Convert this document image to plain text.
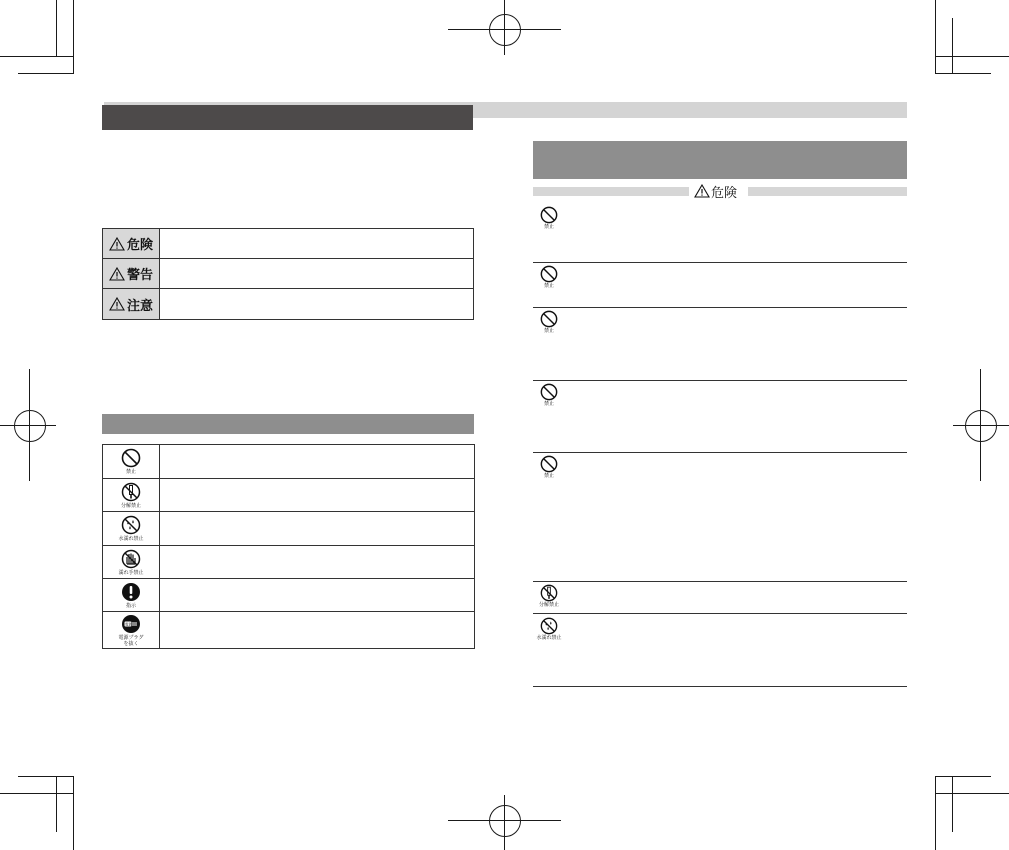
危険
警告
注意
禁止
分解禁止
水濡れ禁止
濡れ手禁止
指示
電源
電源プラグ
を抜く
危険
禁止
禁止
禁止
禁止
禁止
分解禁止
水濡れ禁止
